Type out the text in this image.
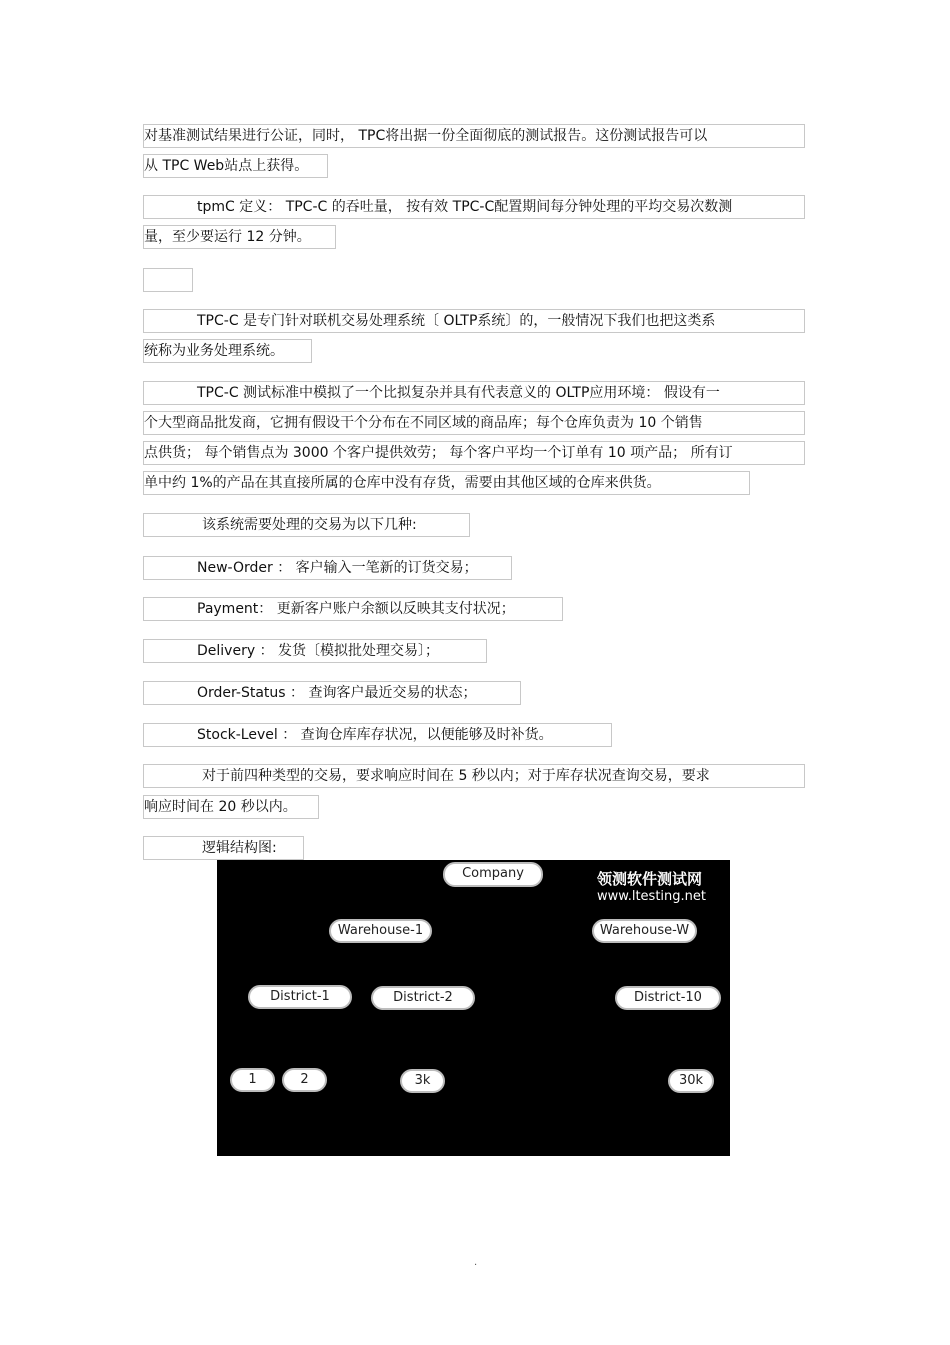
对基准测试结果进行公证，同时， TPC将出据一份全面彻底的测试报告。这份测试报告可以
从 TPC Web站点上获得。
tpmC 定义： TPC-C 的吞吐量， 按有效 TPC-C配置期间每分钟处理的平均交易次数测
量，至少要运行 12 分钟。
TPC-C 是专门针对联机交易处理系统〔 OLTP系统〕的，一般情况下我们也把这类系
统称为业务处理系统。
TPC-C 测试标准中模拟了一个比拟复杂并具有代表意义的 OLTP应用环境： 假设有一
个大型商品批发商，它拥有假设干个分布在不同区域的商品库；每个仓库负责为 10 个销售
点供货； 每个销售点为 3000 个客户提供效劳； 每个客户平均一个订单有 10 项产品； 所有订
单中约 1%的产品在其直接所属的仓库中没有存货，需要由其他区域的仓库来供货。
该系统需要处理的交易为以下几种:
New-Order ： 客户输入一笔新的订货交易；
Payment： 更新客户账户余额以反映其支付状况；
Delivery ： 发货〔模拟批处理交易〕；
Order-Status ： 查询客户最近交易的状态；
Stock-Level ： 查询仓库库存状况，以便能够及时补货。
对于前四种类型的交易，要求响应时间在 5 秒以内；对于库存状况查询交易，要求
响应时间在 20 秒以内。
逻辑结构图:
Company	领测软件测试网
www.ltesting.net
Warehouse-1	Warehouse-W
District-1	District-2	District-10
1	2	3k	30k
.
